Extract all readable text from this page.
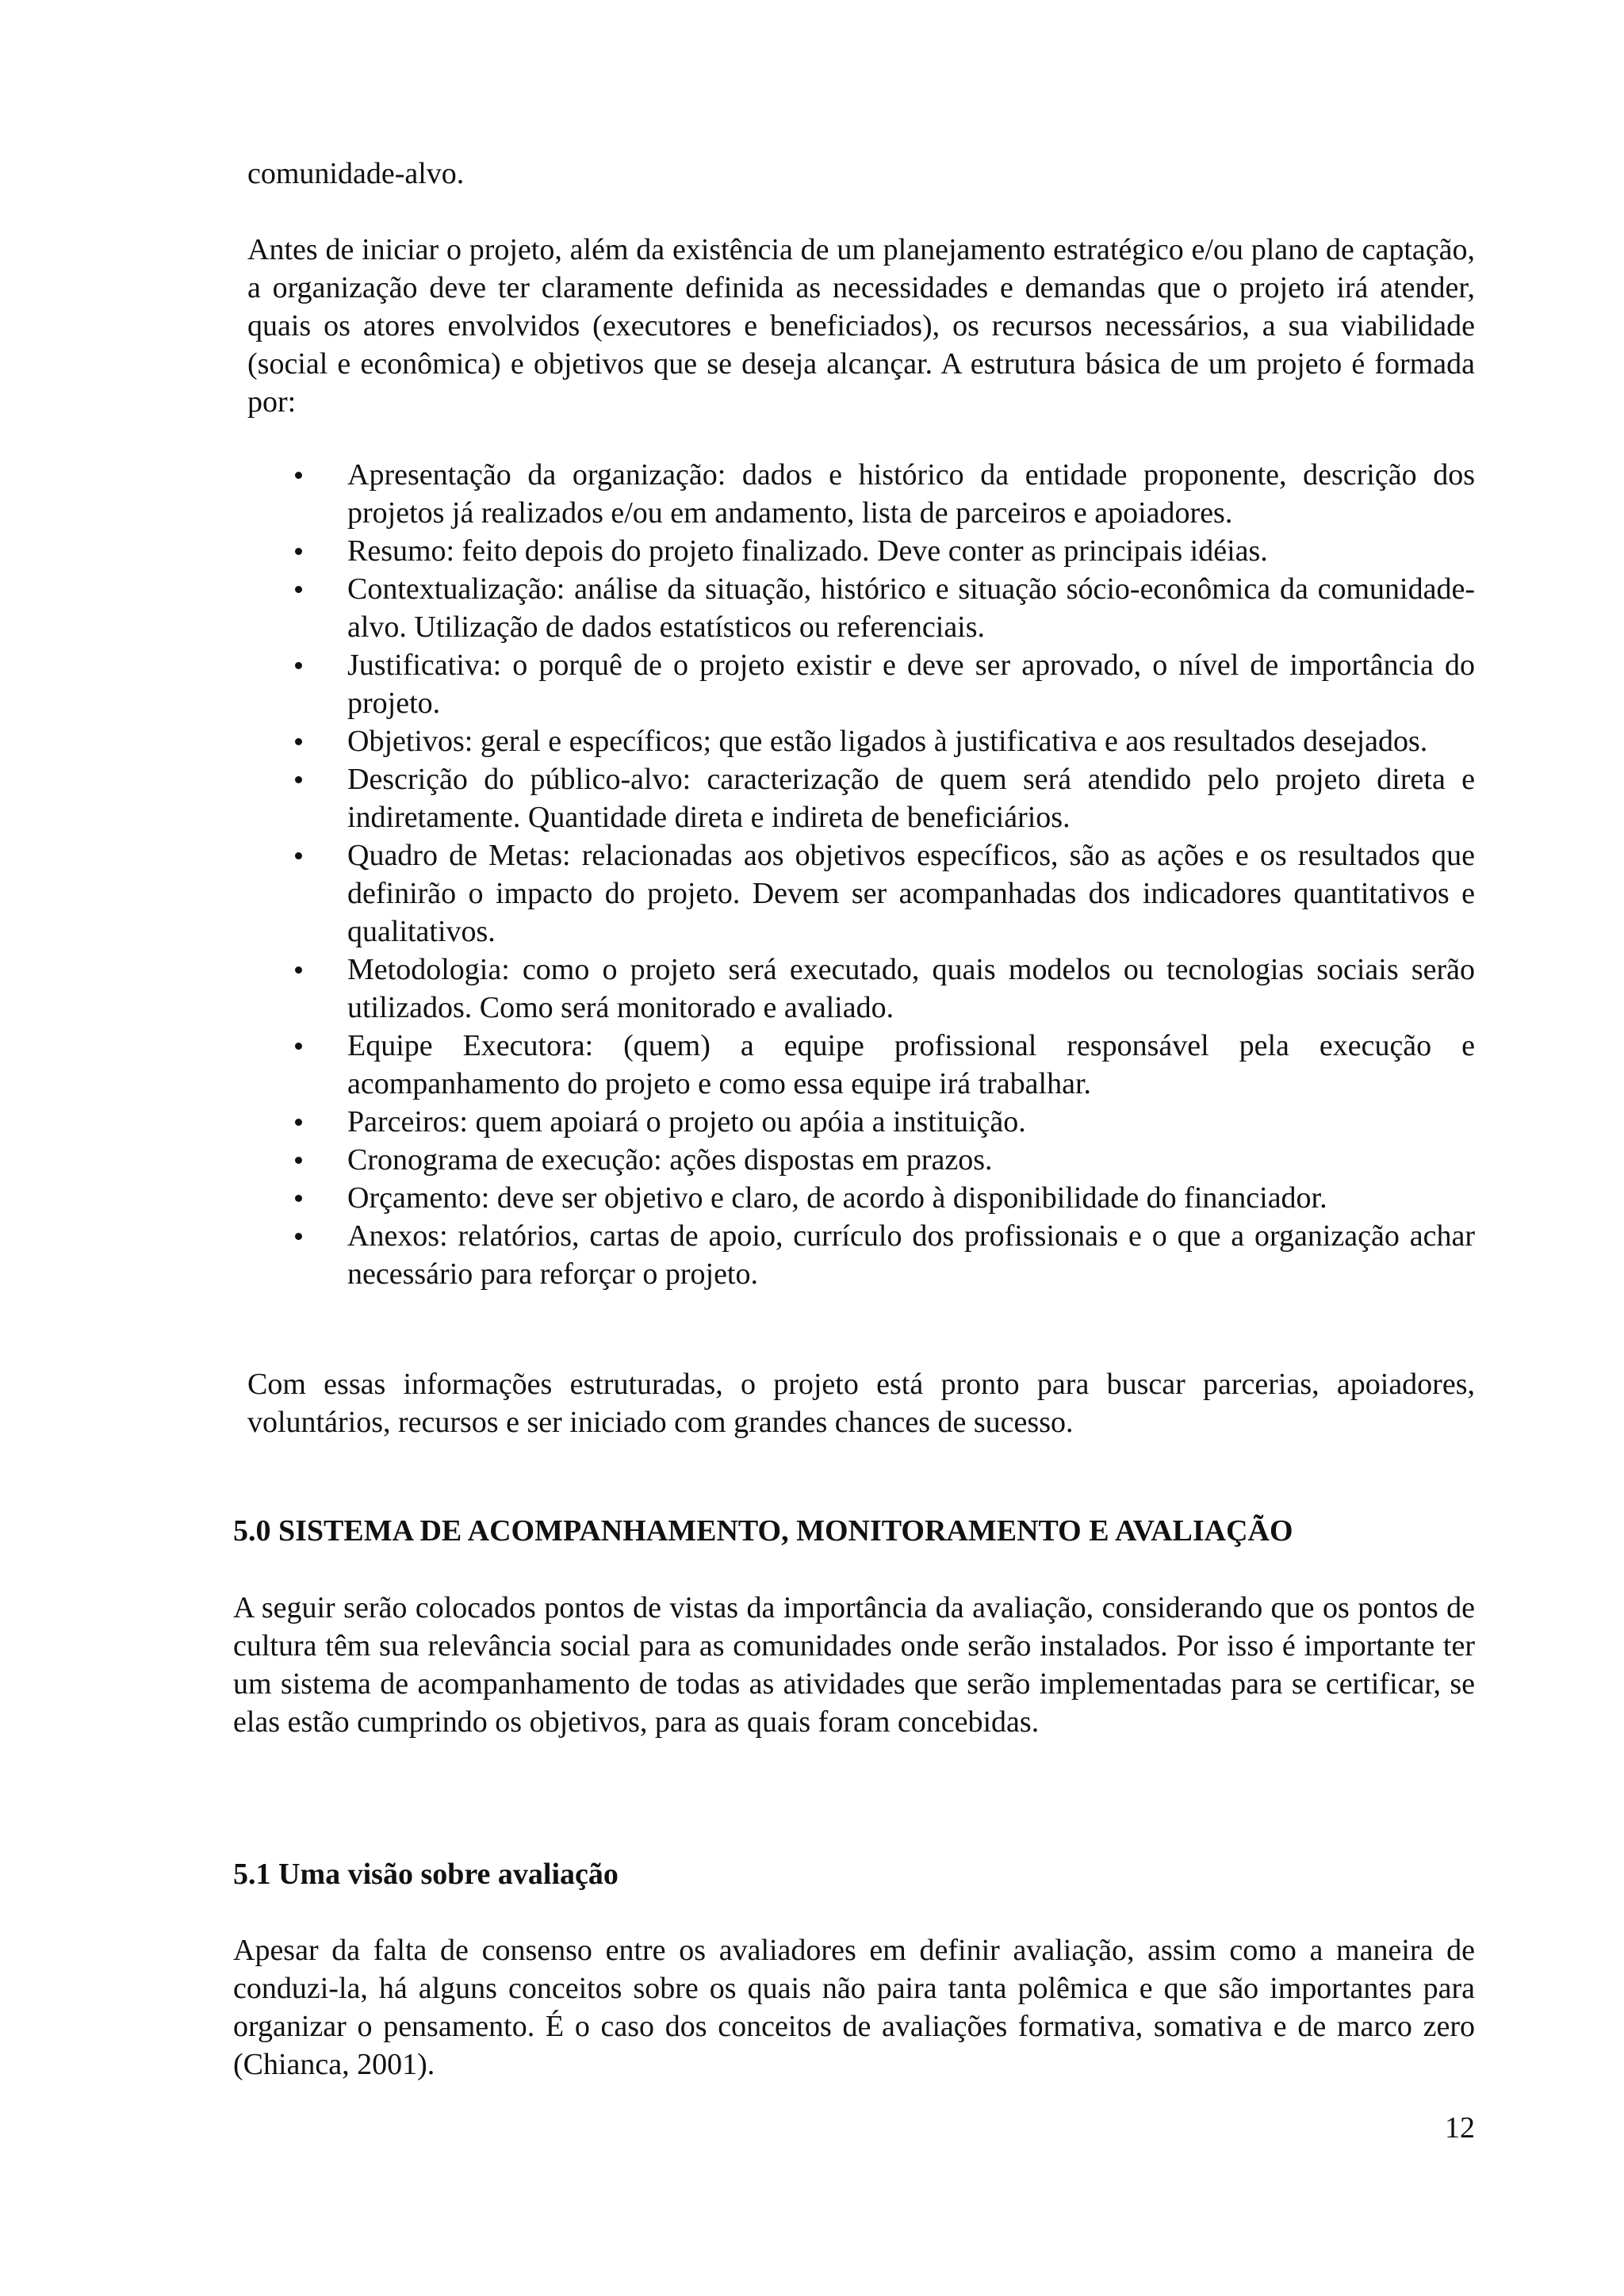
comunidade-alvo.

Antes de iniciar o projeto, além da existência de um planejamento estratégico e/ou plano de captação, a organização deve ter claramente definida as necessidades e demandas que o projeto irá atender, quais os atores envolvidos (executores e beneficiados), os recursos necessários, a sua viabilidade (social e econômica) e objetivos que se deseja alcançar. A estrutura básica de um projeto é formada por:

Apresentação da organização: dados e histórico da entidade proponente, descrição dos projetos já realizados e/ou em andamento, lista de parceiros e apoiadores.
Resumo: feito depois do projeto finalizado. Deve conter as principais idéias.
Contextualização: análise da situação, histórico e situação sócio-econômica da comunidade-alvo. Utilização de dados estatísticos ou referenciais.
Justificativa: o porquê de o projeto existir e deve ser aprovado, o nível de importância do projeto.
Objetivos: geral e específicos; que estão ligados à justificativa e aos resultados desejados.
Descrição do público-alvo: caracterização de quem será atendido pelo projeto direta e indiretamente. Quantidade direta e indireta de beneficiários.
Quadro de Metas: relacionadas aos objetivos específicos, são as ações e os resultados que definirão o impacto do projeto. Devem ser acompanhadas dos indicadores quantitativos e qualitativos.
Metodologia: como o projeto será executado, quais modelos ou tecnologias sociais serão utilizados. Como será monitorado e avaliado.
Equipe Executora: (quem) a equipe profissional responsável pela execução e acompanhamento do projeto e como essa equipe irá trabalhar.
Parceiros: quem apoiará o projeto ou apóia a instituição.
Cronograma de execução: ações dispostas em prazos.
Orçamento: deve ser objetivo e claro, de acordo à disponibilidade do financiador.
Anexos: relatórios, cartas de apoio, currículo dos profissionais e o que a organização achar necessário para reforçar o projeto.

Com essas informações estruturadas, o projeto está pronto para buscar parcerias, apoiadores, voluntários, recursos e ser iniciado com grandes chances de sucesso.

5.0 SISTEMA DE ACOMPANHAMENTO, MONITORAMENTO E AVALIAÇÃO

A seguir serão colocados pontos de vistas da importância da avaliação, considerando que os pontos de cultura têm sua relevância social para as comunidades onde serão instalados. Por isso é importante ter um sistema de acompanhamento de todas as atividades que serão implementadas para se certificar, se elas estão cumprindo os objetivos, para as quais foram concebidas.

5.1 Uma visão sobre avaliação

Apesar da falta de consenso entre os avaliadores em definir avaliação, assim como a maneira de conduzi-la, há alguns conceitos sobre os quais não paira tanta polêmica e que são importantes para organizar o pensamento. É o caso dos conceitos de avaliações formativa, somativa e de marco zero (Chianca, 2001).

12
